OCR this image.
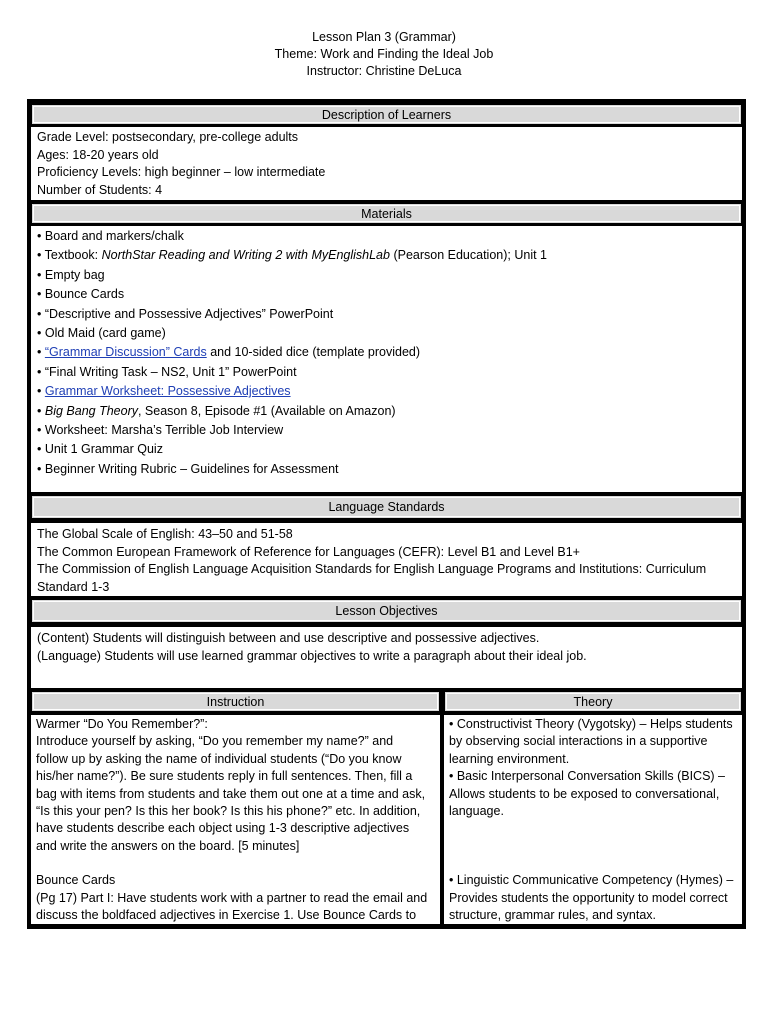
Lesson Plan 3 (Grammar)
Theme: Work and Finding the Ideal Job
Instructor: Christine DeLuca
Description of Learners
Grade Level: postsecondary, pre-college adults
Ages: 18-20 years old
Proficiency Levels: high beginner – low intermediate
Number of Students: 4
Materials
• Board and markers/chalk
• Textbook: NorthStar Reading and Writing 2 with MyEnglishLab (Pearson Education); Unit 1
• Empty bag
• Bounce Cards
• “Descriptive and Possessive Adjectives” PowerPoint
• Old Maid (card game)
• “Grammar Discussion” Cards and 10-sided dice (template provided)
• “Final Writing Task – NS2, Unit 1” PowerPoint
• Grammar Worksheet: Possessive Adjectives
• Big Bang Theory, Season 8, Episode #1 (Available on Amazon)
• Worksheet: Marsha’s Terrible Job Interview
• Unit 1 Grammar Quiz
• Beginner Writing Rubric – Guidelines for Assessment
Language Standards
The Global Scale of English: 43–50 and 51-58
The Common European Framework of Reference for Languages (CEFR): Level B1 and Level B1+
The Commission of English Language Acquisition Standards for English Language Programs and Institutions: Curriculum
Standard 1-3
Lesson Objectives
(Content) Students will distinguish between and use descriptive and possessive adjectives.
(Language) Students will use learned grammar objectives to write a paragraph about their ideal job.
Instruction	Theory
Warmer “Do You Remember?”:
Introduce yourself by asking, “Do you remember my name?” and
follow up by asking the name of individual students (“Do you know
his/her name?”). Be sure students reply in full sentences. Then, fill a
bag with items from students and take them out one at a time and ask,
“Is this your pen? Is this her book? Is this his phone?” etc. In addition,
have students describe each object using 1-3 descriptive adjectives
and write the answers on the board. [5 minutes]
Bounce Cards
(Pg 17) Part I: Have students work with a partner to read the email and
discuss the boldfaced adjectives in Exercise 1. Use Bounce Cards to
• Constructivist Theory (Vygotsky) – Helps students
by observing social interactions in a supportive
learning environment.
• Basic Interpersonal Conversation Skills (BICS) –
Allows students to be exposed to conversational,
language.
• Linguistic Communicative Competency (Hymes) –
Provides students the opportunity to model correct
structure, grammar rules, and syntax.
